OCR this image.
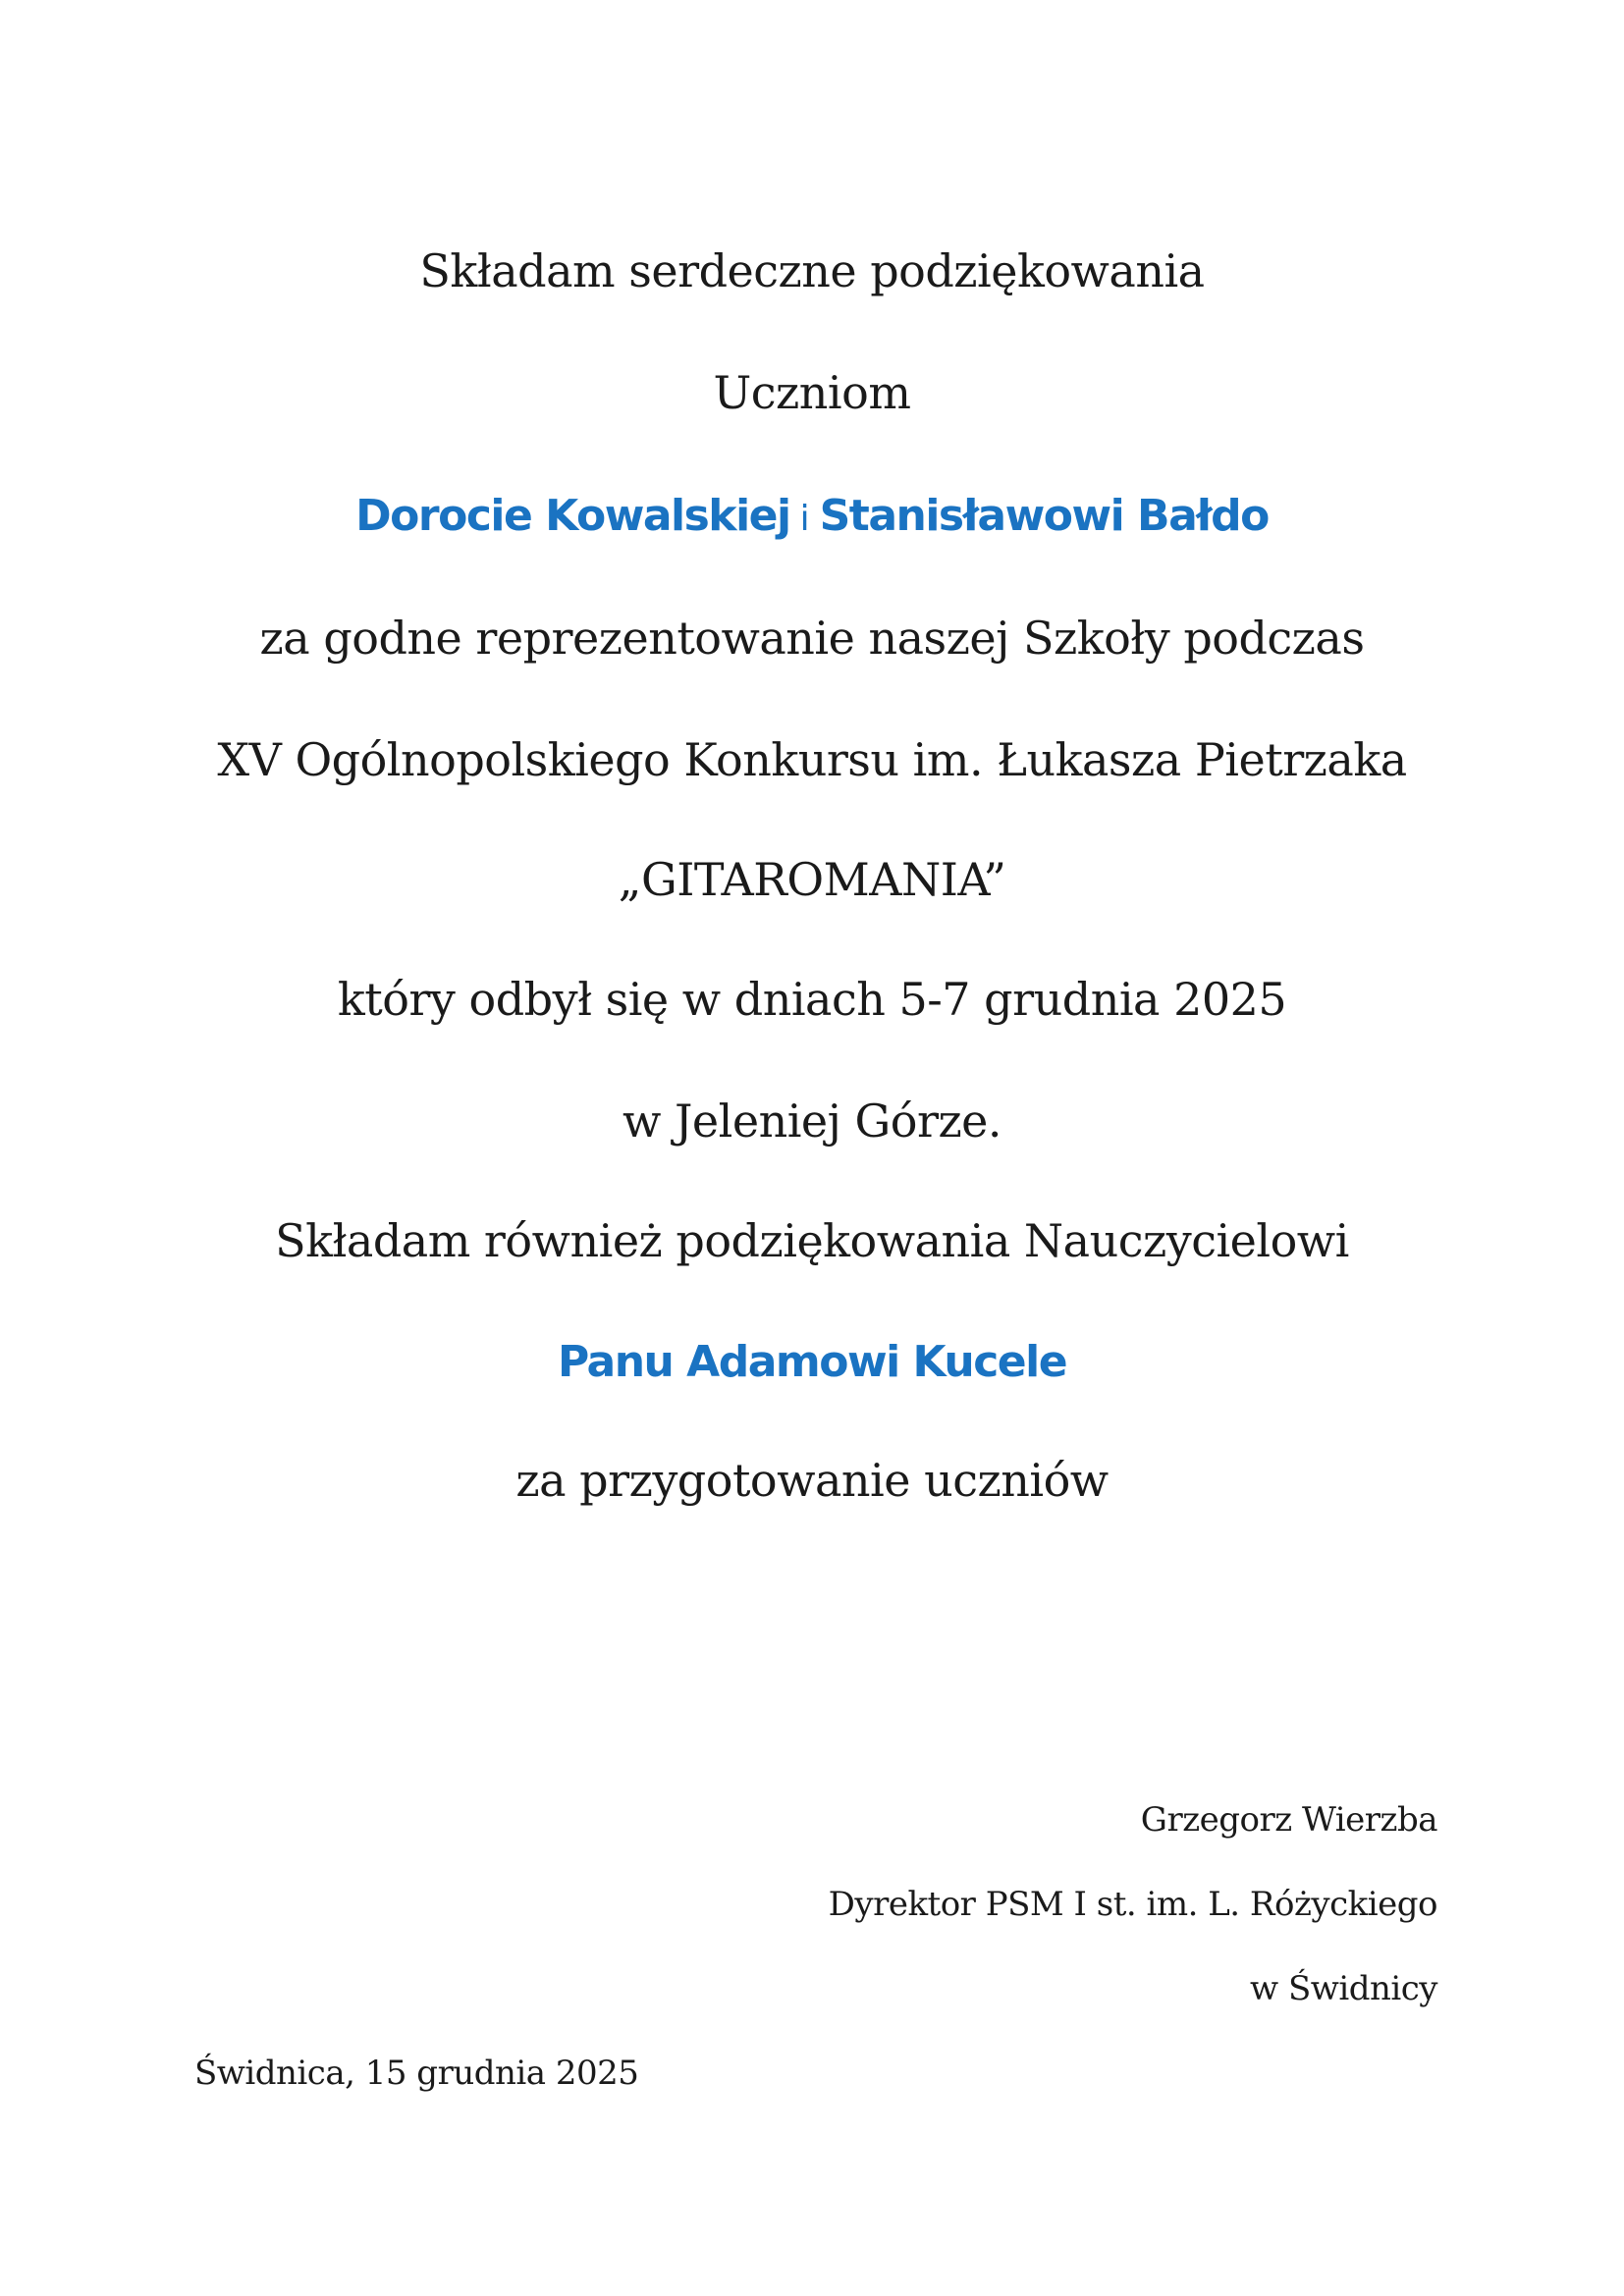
Składam serdeczne podziękowania
Uczniom
Dorocie Kowalskiej i Stanisławowi Bałdo
za godne reprezentowanie naszej Szkoły podczas
XV Ogólnopolskiego Konkursu im. Łukasza Pietrzaka
„GITAROMANIA”
który odbył się w dniach 5-7 grudnia 2025
w Jeleniej Górze.
Składam również podziękowania Nauczycielowi
Panu Adamowi Kucele
za przygotowanie uczniów
Grzegorz Wierzba
Dyrektor PSM I st. im. L. Różyckiego
w Świdnicy
Świdnica, 15 grudnia 2025
